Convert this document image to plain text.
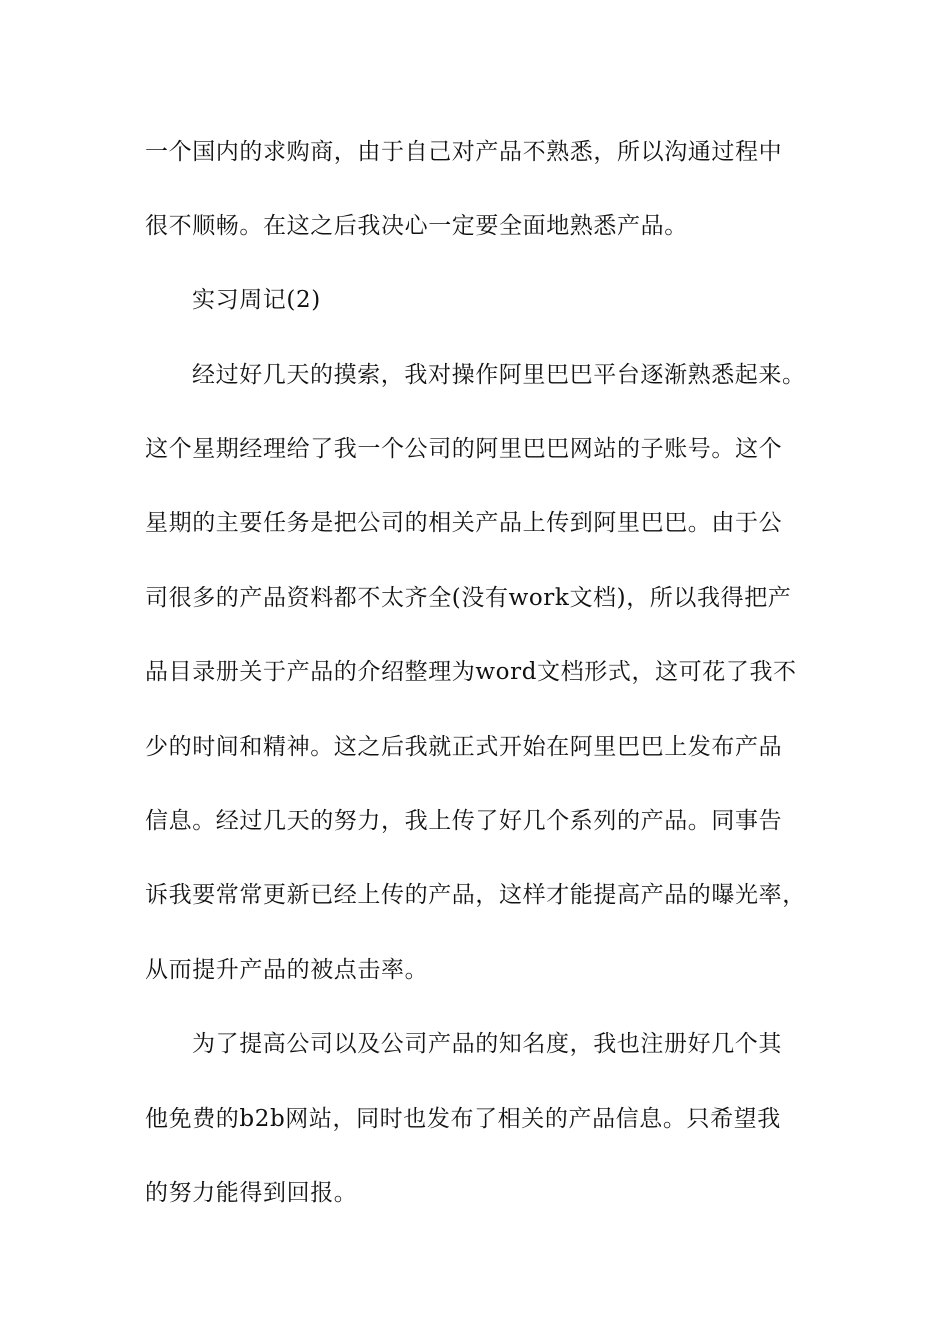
一个国内的求购商，由于自己对产品不熟悉，所以沟通过程中
很不顺畅。在这之后我决心一定要全面地熟悉产品。
实习周记(2)
经过好几天的摸索，我对操作阿里巴巴平台逐渐熟悉起来。
这个星期经理给了我一个公司的阿里巴巴网站的子账号。这个
星期的主要任务是把公司的相关产品上传到阿里巴巴。由于公
司很多的产品资料都不太齐全(没有work文档)，所以我得把产
品目录册关于产品的介绍整理为word文档形式，这可花了我不
少的时间和精神。这之后我就正式开始在阿里巴巴上发布产品
信息。经过几天的努力，我上传了好几个系列的产品。同事告
诉我要常常更新已经上传的产品，这样才能提高产品的曝光率，
从而提升产品的被点击率。
为了提高公司以及公司产品的知名度，我也注册好几个其
他免费的b2b网站，同时也发布了相关的产品信息。只希望我
的努力能得到回报。
